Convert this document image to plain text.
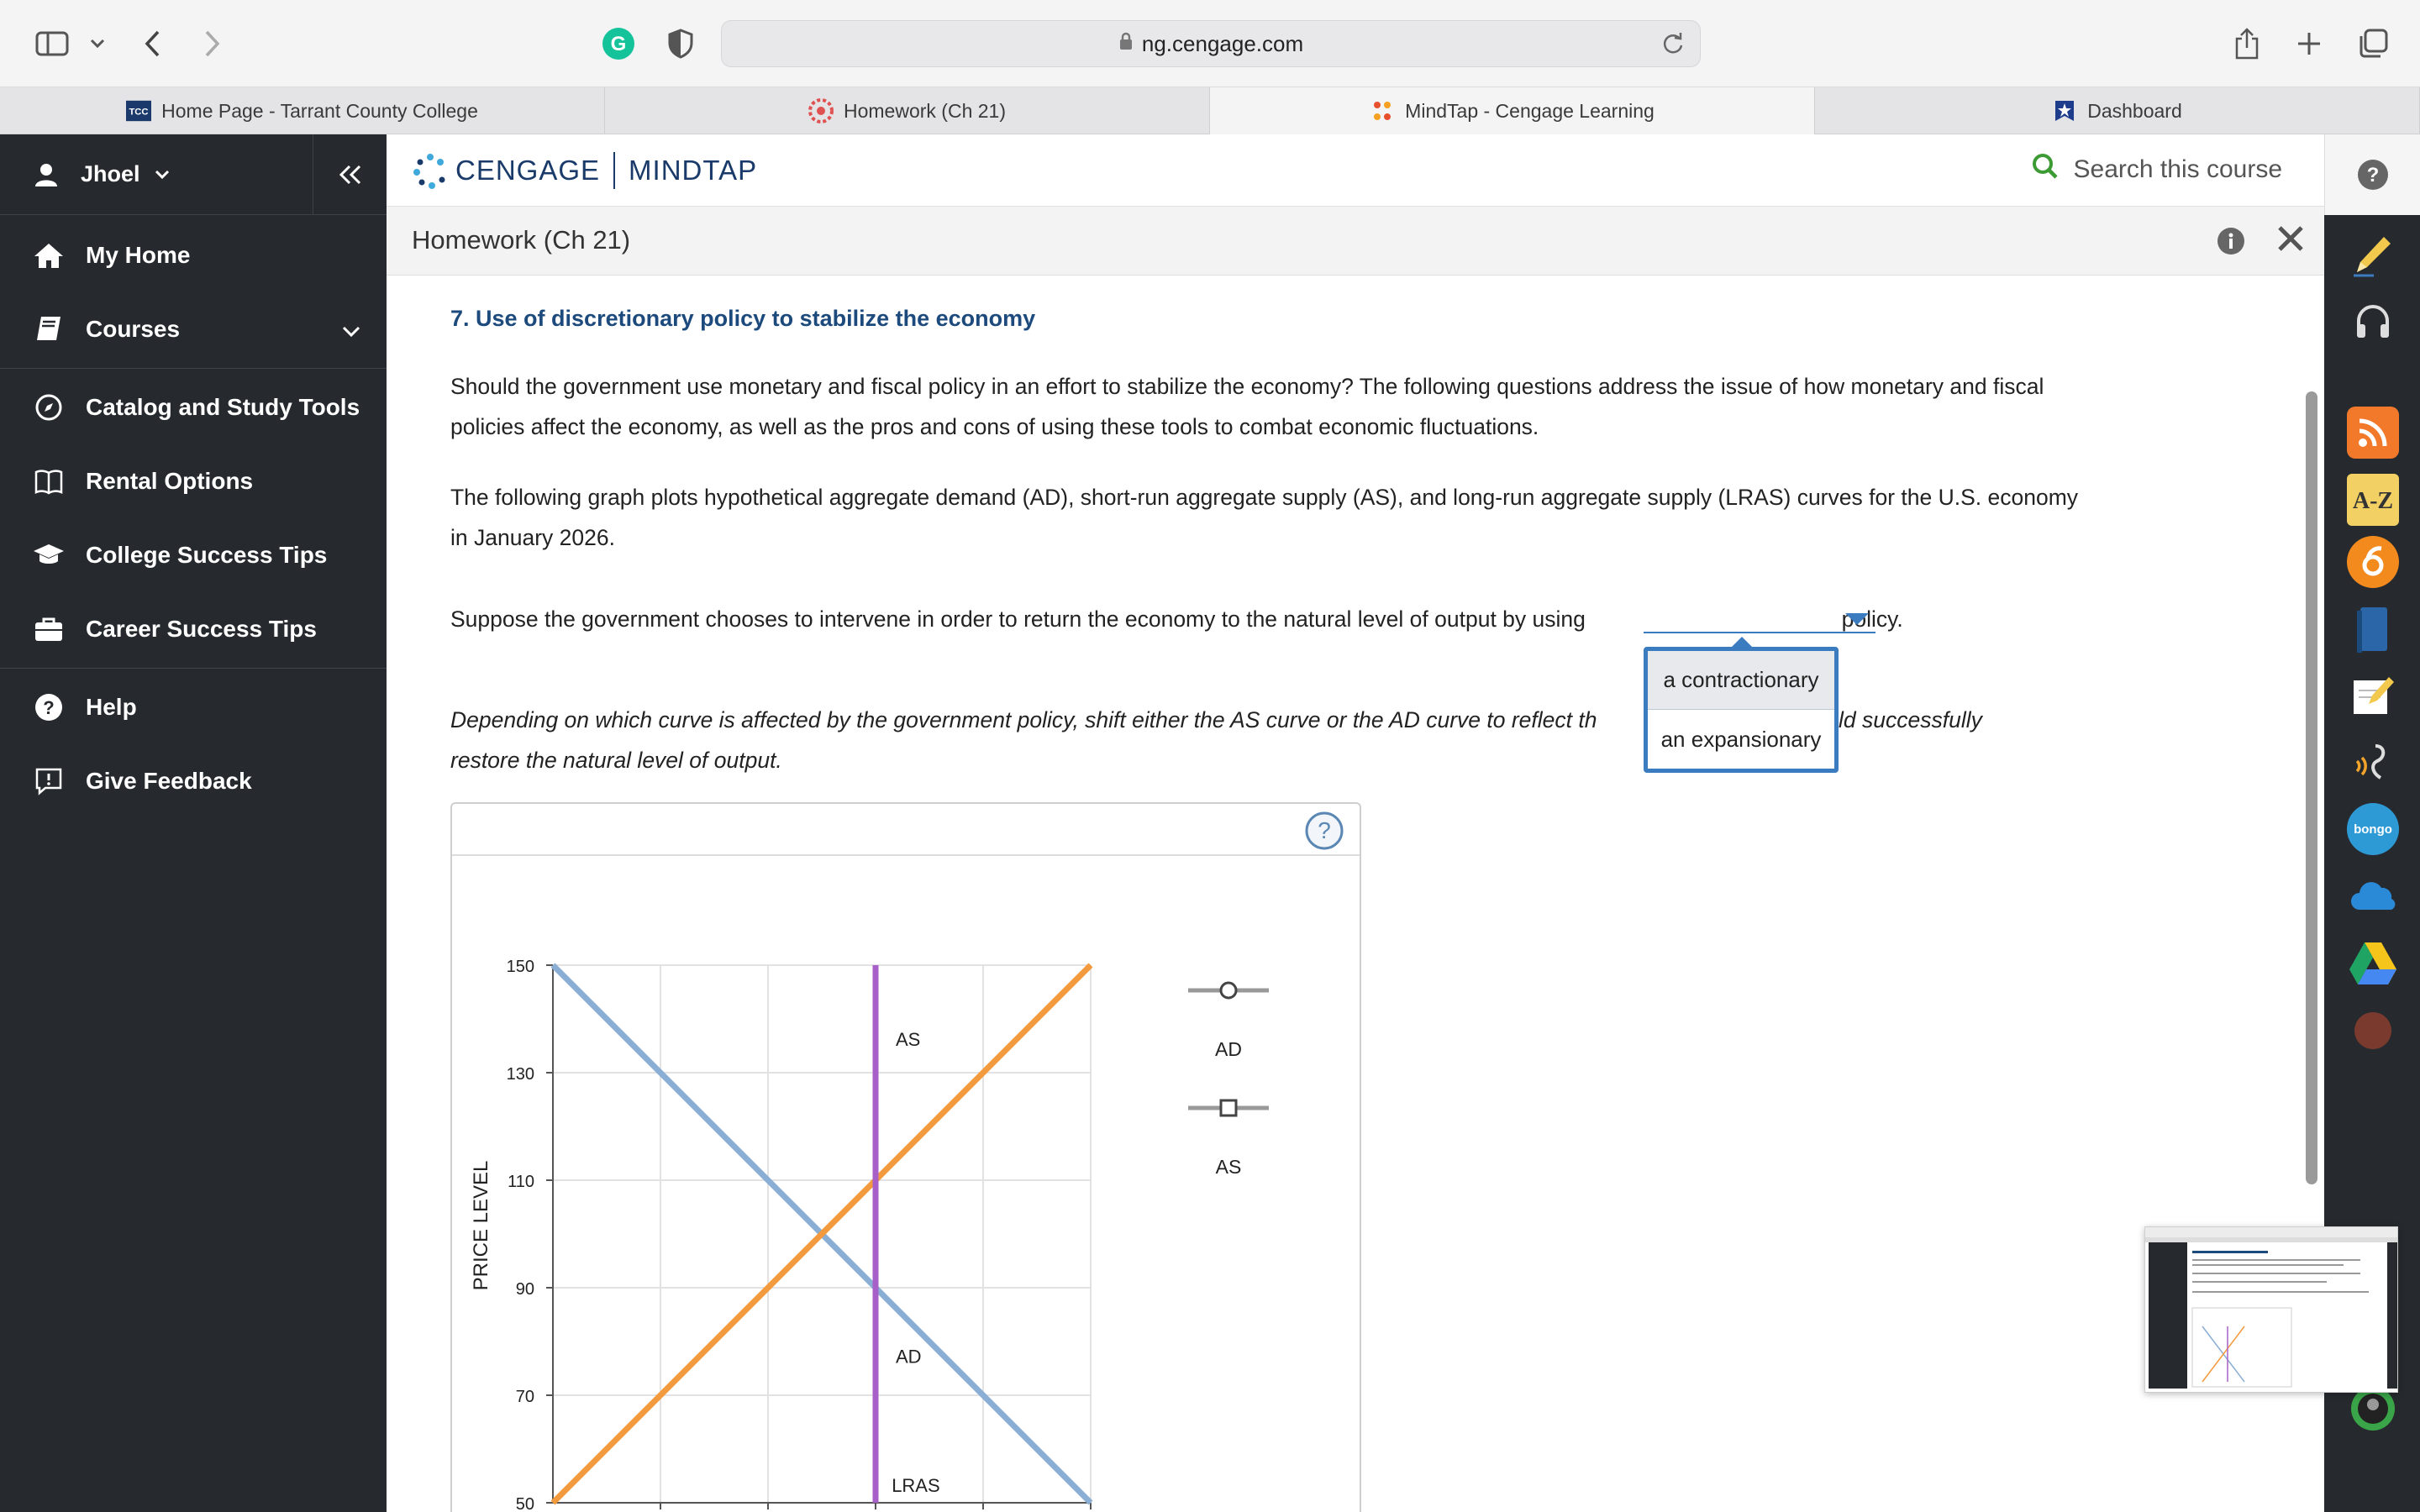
G	ng.cengage.com
TCC Home Page - Tarrant County College	Homework (Ch 21)	MindTap - Cengage Learning	Dashboard
Jhoel
My Home
Courses
Catalog and Study Tools
Rental Options
College Success Tips
Career Success Tips
? Help
Give Feedback
CENGAGE MINDTAP	Search this course
Homework (Ch 21)
7. Use of discretionary policy to stabilize the economy
Should the government use monetary and fiscal policy in an effort to stabilize the economy? The following questions address the issue of how monetary and fiscal policies affect the economy, as well as the pros and cons of using these tools to combat economic fluctuations.
The following graph plots hypothetical aggregate demand (AD), short-run aggregate supply (AS), and long-run aggregate supply (LRAS) curves for the U.S. economy in January 2026.
Suppose the government chooses to intervene in order to return the economy to the natural level of output by using	policy.
Depending on which curve is affected by the government policy, shift either the AS curve or the AD curve to reflect th	ld successfully
restore the natural level of output.
?
150
130
110
90
70
50
PRICE LEVEL
AD
AS
LRAS
AD
AS
a contractionary
an expansionary
?
A-Z
bongo
